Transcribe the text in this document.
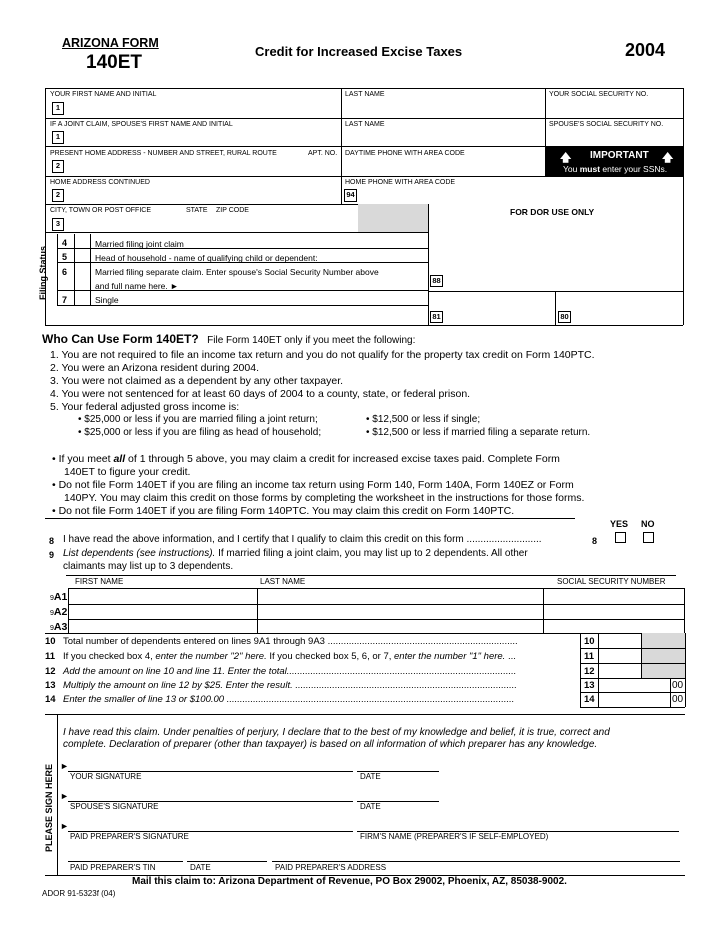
ARIZONA FORM
140ET
Credit for Increased Excise Taxes	2004
YOUR FIRST NAME AND INITIAL	LAST NAME	YOUR SOCIAL SECURITY NO.
1
IF A JOINT CLAIM, SPOUSE'S FIRST NAME AND INITIAL	LAST NAME	SPOUSE'S SOCIAL SECURITY NO.
1
PRESENT HOME ADDRESS - NUMBER AND STREET, RURAL ROUTE	APT. NO. DAYTIME PHONE WITH AREA CODE
2
🡅 IMPORTANT 🡅
You must enter your SSNs.
HOME ADDRESS CONTINUED	HOME PHONE WITH AREA CODE
2	94
CITY, TOWN OR POST OFFICE	STATE ZIP CODE
3
FOR DOR USE ONLY
88
81	80
Filing Status
4	Married filing joint claim
5	Head of household - name of qualifying child or dependent:
6	Married filing separate claim. Enter spouse's Social Security Number above
and full name here. ►
7	Single
Who Can Use Form 140ET? File Form 140ET only if you meet the following:
1. You are not required to file an income tax return and you do not qualify for the property tax credit on Form 140PTC.
2. You were an Arizona resident during 2004.
3. You were not claimed as a dependent by any other taxpayer.
4. You were not sentenced for at least 60 days of 2004 to a county, state, or federal prison.
5. Your federal adjusted gross income is:
• $25,000 or less if you are married filing a joint return;	• $12,500 or less if single;
• $25,000 or less if you are filing as head of household;	• $12,500 or less if married filing a separate return.
• If you meet all of 1 through 5 above, you may claim a credit for increased excise taxes paid. Complete Form
140ET to figure your credit.
• Do not file Form 140ET if you are filing an income tax return using Form 140, Form 140A, Form 140EZ or Form
140PY. You may claim this credit on those forms by completing the worksheet in the instructions for those forms.
• Do not file Form 140ET if you are filing Form 140PTC. You may claim this credit on Form 140PTC.
YES NO
8 I have read the above information, and I certify that I qualify to claim this credit on this form ...........................	8
9 List dependents (see instructions). If married filing a joint claim, you may list up to 2 dependents. All other
claimants may list up to 3 dependents.
FIRST NAME	LAST NAME	SOCIAL SECURITY NUMBER
9A1
9A2
9A3
10 Total number of dependents entered on lines 9A1 through 9A3 ........................................................................	10
11 If you checked box 4, enter the number "2" here. If you checked box 5, 6, or 7, enter the number "1" here. ...	11
12 Add the amount on line 10 and line 11. Enter the total.......................................................................................	12
13 Multiply the amount on line 12 by $25. Enter the result. ....................................................................................	13	00
14 Enter the smaller of line 13 or $100.00 .............................................................................................................	14	00
I have read this claim. Under penalties of perjury, I declare that to the best of my knowledge and belief, it is true, correct and
complete. Declaration of preparer (other than taxpayer) is based on all information of which preparer has any knowledge.
PLEASE SIGN HERE ►
YOUR SIGNATURE	DATE
►
SPOUSE'S SIGNATURE	DATE
►
PAID PREPARER'S SIGNATURE	FIRM'S NAME (PREPARER'S IF SELF-EMPLOYED)
PAID PREPARER'S TIN	DATE	PAID PREPARER'S ADDRESS
Mail this claim to: Arizona Department of Revenue, PO Box 29002, Phoenix, AZ, 85038-9002.
ADOR 91-5323f (04)
